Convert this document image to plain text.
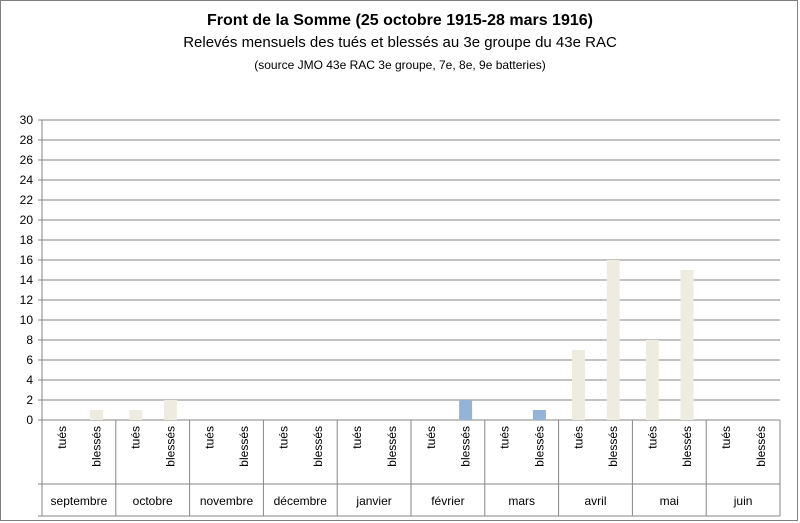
Front de la Somme (25 octobre 1915-28 mars 1916)
Relevés mensuels des tués et blessés au 3e groupe du 43e RAC
(source JMO 43e RAC 3e groupe, 7e, 8e, 9e batteries)
30
28
26
24
22
20
18
16
14
12
10
8
6
4
2
0
tués blessés
septembre
tués blessés
octobre
tués blessés
novembre
tués blessés
décembre
tués blessés
janvier
tués blessés
février
tués blessés
mars
tués blessés
avril
tués blessés
mai
tués blessés
juin
